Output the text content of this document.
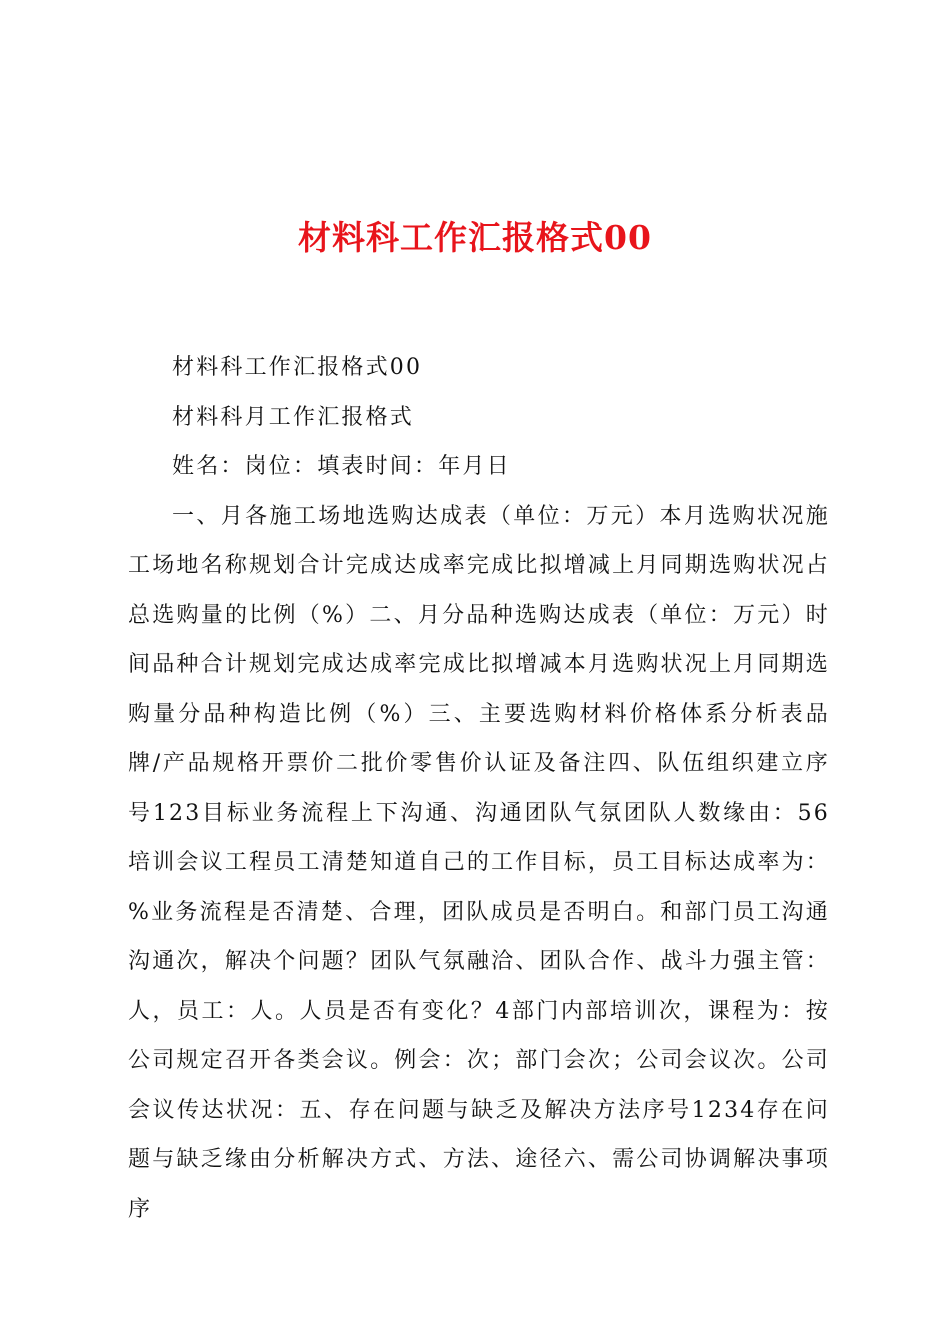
材料科工作汇报格式00

材料科工作汇报格式00

材料科月工作汇报格式

姓名：岗位：填表时间：年月日

一、月各施工场地选购达成表（单位：万元）本月选购状况施工场地名称规划合计完成达成率完成比拟增减上月同期选购状况占总选购量的比例（%）二、月分品种选购达成表（单位：万元）时间品种合计规划完成达成率完成比拟增减本月选购状况上月同期选购量分品种构造比例（%）三、主要选购材料价格体系分析表品牌/产品规格开票价二批价零售价认证及备注四、队伍组织建立序号123目标业务流程上下沟通、沟通团队气氛团队人数缘由：56培训会议工程员工清楚知道自己的工作目标，员工目标达成率为：%业务流程是否清楚、合理，团队成员是否明白。和部门员工沟通沟通次，解决个问题？团队气氛融洽、团队合作、战斗力强主管：人，员工：人。人员是否有变化？4部门内部培训次，课程为：按公司规定召开各类会议。例会：次；部门会次；公司会议次。公司会议传达状况：五、存在问题与缺乏及解决方法序号1234存在问题与缺乏缘由分析解决方式、方法、途径六、需公司协调解决事项序
